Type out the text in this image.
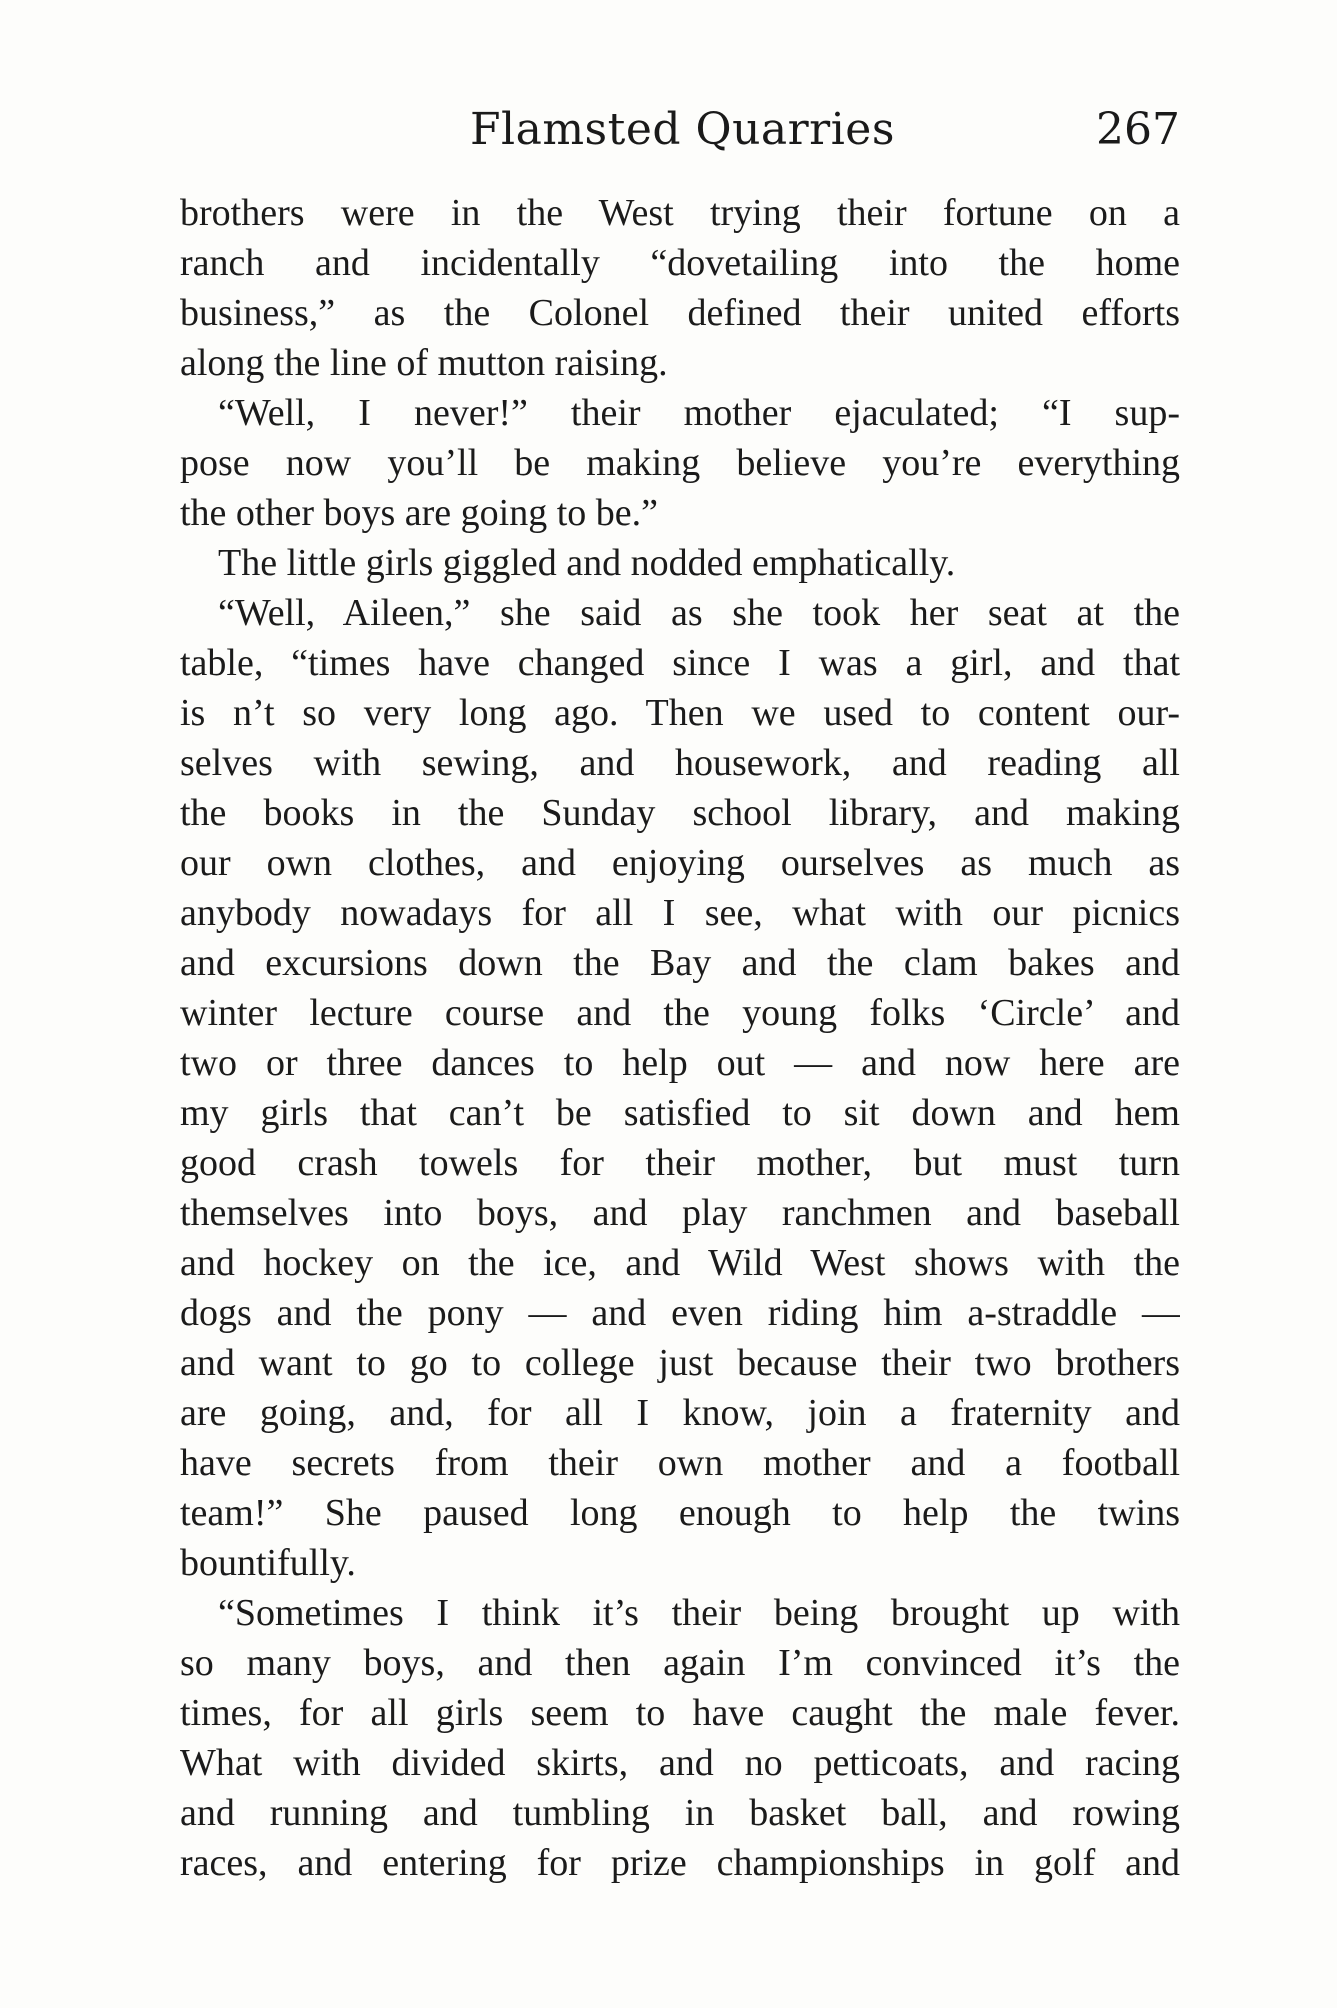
Flamsted Quarries	267
brothers were in the West trying their fortune on a
ranch and incidentally “dovetailing into the home
business,” as the Colonel defined their united efforts
along the line of mutton raising.
“Well, I never!” their mother ejaculated; “I sup-
pose now you’ll be making believe you’re everything
the other boys are going to be.”
The little girls giggled and nodded emphatically.
“Well, Aileen,” she said as she took her seat at the
table, “times have changed since I was a girl, and that
is n’t so very long ago. Then we used to content our-
selves with sewing, and housework, and reading all
the books in the Sunday school library, and making
our own clothes, and enjoying ourselves as much as
anybody nowadays for all I see, what with our picnics
and excursions down the Bay and the clam bakes and
winter lecture course and the young folks ‘Circle’ and
two or three dances to help out — and now here are
my girls that can’t be satisfied to sit down and hem
good crash towels for their mother, but must turn
themselves into boys, and play ranchmen and baseball
and hockey on the ice, and Wild West shows with the
dogs and the pony — and even riding him a-straddle —
and want to go to college just because their two brothers
are going, and, for all I know, join a fraternity and
have secrets from their own mother and a football
team!” She paused long enough to help the twins
bountifully.
“Sometimes I think it’s their being brought up with
so many boys, and then again I’m convinced it’s the
times, for all girls seem to have caught the male fever.
What with divided skirts, and no petticoats, and racing
and running and tumbling in basket ball, and rowing
races, and entering for prize championships in golf and
